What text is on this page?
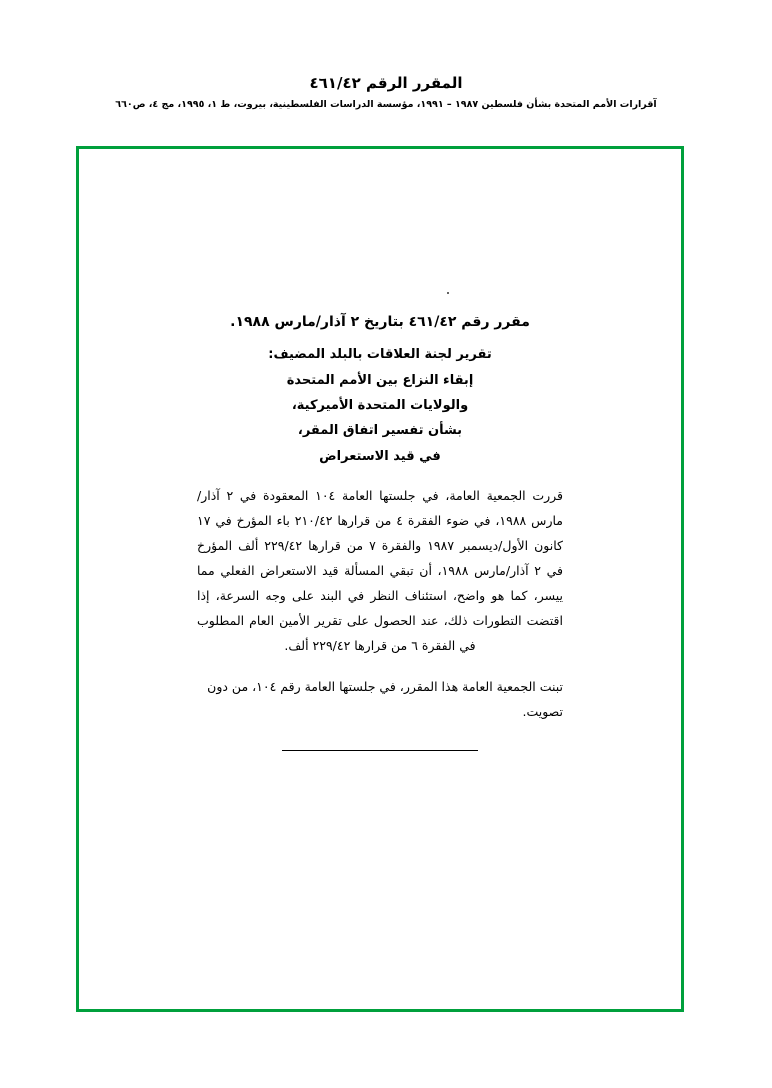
المقرر الرقم ٤٦١/٤٢
آقرارات الأمم المتحدة بشأن فلسطين ١٩٨٧ – ١٩٩١، مؤسسة الدراسات الفلسطينية، بيروت، ط ١، ١٩٩٥، مج ٤، ص٦٦٠
مقرر رقم ٤٦١/٤٢ بتاريخ ٢ آذار/مارس ١٩٨٨.
تقرير لجنة العلاقات بالبلد المضيف:
إبقاء النزاع بين الأمم المتحدة
والولايات المتحدة الأميركية،
بشأن تفسير اتفاق المقر،
في قيد الاستعراض

قررت الجمعية العامة، في جلستها العامة ١٠٤ المعقودة في ٢ آذار/مارس ١٩٨٨، في ضوء الفقرة ٤ من قرارها ٢١٠/٤٢ باء المؤرخ في ١٧ كانون الأول/ديسمبر ١٩٨٧ والفقرة ٧ من قرارها ٢٢٩/٤٢ ألف المؤرخ في ٢ آذار/مارس ١٩٨٨، أن تبقي المسألة قيد الاستعراض الفعلي مما ييسر، كما هو واضح، استئناف النظر في البند على وجه السرعة، إذا اقتضت التطورات ذلك، عند الحصول على تقرير الأمين العام المطلوب في الفقرة ٦ من قرارها ٢٢٩/٤٢ ألف.

تبنت الجمعية العامة هذا المقرر، في جلستها العامة رقم ١٠٤، من دون تصويت.
